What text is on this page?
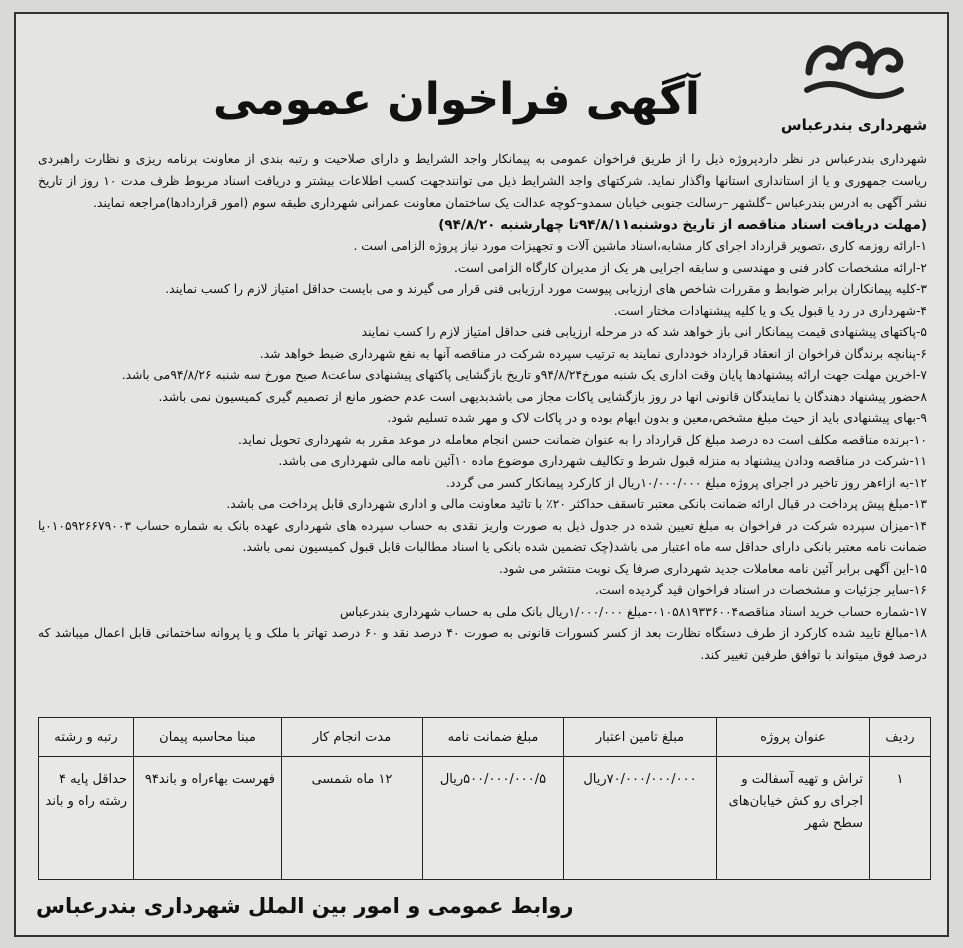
شهرداری بندرعباس
آگهی فراخوان عمومی

شهرداری بندرعباس در نظر داردپروژه ذیل را از طریق فراخوان عمومی به پیمانکار واجد الشرایط و دارای صلاحیت و رتبه بندی از معاونت برنامه ریزی و نظارت راهبردی ریاست جمهوری و یا از استانداری استانها واگذار نماید. شرکتهای واجد الشرایط ذیل می توانندجهت کسب اطلاعات بیشتر و دریافت اسناد مربوط ظرف مدت ۱۰ روز از تاریخ نشر آگهی به ادرس بندرعباس –گلشهر –رسالت جنوبی خیابان سمدو–کوچه عدالت یک ساختمان معاونت عمرانی شهرداری طبقه سوم (امور قراردادها)مراجعه نمایند.

(مهلت دریافت اسناد مناقصه از تاریخ دوشنبه۹۴/۸/۱۱تا چهارشنبه ۹۴/۸/۲۰)

۱-ارائه روزمه کاری ،تصویر قرارداد اجرای کار مشابه،اسناد ماشین آلات و تجهیزات مورد نیاز پروژه الزامی است .
۲-ارائه مشخصات کادر فنی و مهندسی و سابقه اجرایی هر یک از مدیران کارگاه الزامی است.
۳-کلیه پیمانکاران برابر ضوابط و مقررات شاخص های ارزیابی پیوست مورد ارزیابی فنی قرار می گیرند و می بایست حداقل امتیاز لازم را کسب نمایند.
۴-شهرداری در رد یا قبول یک و یا کلیه پیشنهادات مختار است.
۵-پاکتهای پیشنهادی قیمت پیمانکار انی باز خواهد شد که در مرحله ارزیابی فنی حداقل امتیاز لازم را کسب نمایند
۶-پنانچه برندگان فراخوان از انعقاد قرارداد خودداری نمایند به ترتیب سپرده شرکت در مناقصه آنها به نفع شهرداری ضبط خواهد شد.
۷-اخرین مهلت جهت ارائه پیشنهادها پایان وقت اداری یک شنبه مورخ۹۴/۸/۲۴و تاریخ بازگشایی پاکتهای پیشنهادی ساعت۸ صبح مورخ سه شنبه ۹۴/۸/۲۶می باشد.
۸حضور پیشنهاد دهندگان یا نمایندگان قانونی انها در روز بازگشایی پاکات مجاز می باشدبدیهی است عدم حضور مانع از تصمیم گیری کمیسیون نمی باشد.
۹-بهای پیشنهادی باید از حیث مبلغ مشخص،معین و بدون ابهام بوده و در پاکات لاک و مهر شده تسلیم شود.
۱۰-برنده مناقصه مکلف است ده درصد مبلغ کل قرارداد را به عنوان ضمانت حسن انجام معامله در موعد مقرر به شهرداری تحویل نماید.
۱۱-شرکت در مناقصه ودادن پیشنهاد به منزله قبول شرط و تکالیف شهرداری موضوع ماده ۱۰آئین نامه مالی شهرداری می باشد.
۱۲-به ازاءهر روز تاخیر در اجرای پروژه مبلغ ۱۰/۰۰۰/۰۰۰ریال از کارکرد پیمانکار کسر می گردد.
۱۳-مبلغ پیش پرداخت در قبال ارائه ضمانت بانکی معتبر تاسقف حداکثر ۲۰٪ با تائید معاونت مالی و اداری شهرداری قابل پرداخت می باشد.
۱۴-میزان سپرده شرکت در فراخوان به مبلغ تعیین شده در جدول ذیل به صورت واریز نقدی به حساب سپرده های شهرداری عهده بانک به شماره حساب ۰۱۰۵۹۲۶۶۷۹۰۰۳یا ضمانت نامه معتبر بانکی دارای حداقل سه ماه اعتبار می باشد(چک تضمین شده بانکی یا اسناد مطالبات قابل قبول کمیسیون نمی باشد.
۱۵-این آگهی برابر آئین نامه معاملات جدید شهرداری صرفا یک نوبت منتشر می شود.
۱۶-سایر جزئیات و مشخصات در اسناد فراخوان قید گردیده است.
۱۷-شماره حساب خرید اسناد مناقصه۰۱۰۵۸۱۹۳۳۶۰۰۴-مبلغ ۱/۰۰۰/۰۰۰ریال بانک ملی به حساب شهرداری بندرعباس
۱۸-مبالغ تایید شده کارکرد از طرف دستگاه نظارت بعد از کسر کسورات قانونی به صورت ۴۰ درصد نقد و ۶۰ درصد تهاتر با ملک و یا پروانه ساختمانی قابل اعمال میباشد که درصد فوق میتواند با توافق طرفین تغییر کند.
ردیف	عنوان پروژه	مبلغ تامین اعتبار	مبلغ ضمانت نامه	مدت انجام کار	مبنا محاسبه پیمان	رتبه و رشته
۱	تراش و تهیه آسفالت و اجرای رو کش خیابان‌های سطح شهر	۷۰/۰۰۰/۰۰۰/۰۰۰ریال	۵۰۰/۰۰۰/۰۰۰/۵ریال	۱۲ ماه شمسی	فهرست بهاءراه و باند۹۴	حداقل پایه ۴ رشته راه و باند
روابط عمومی و امور بین الملل شهرداری بندرعباس
